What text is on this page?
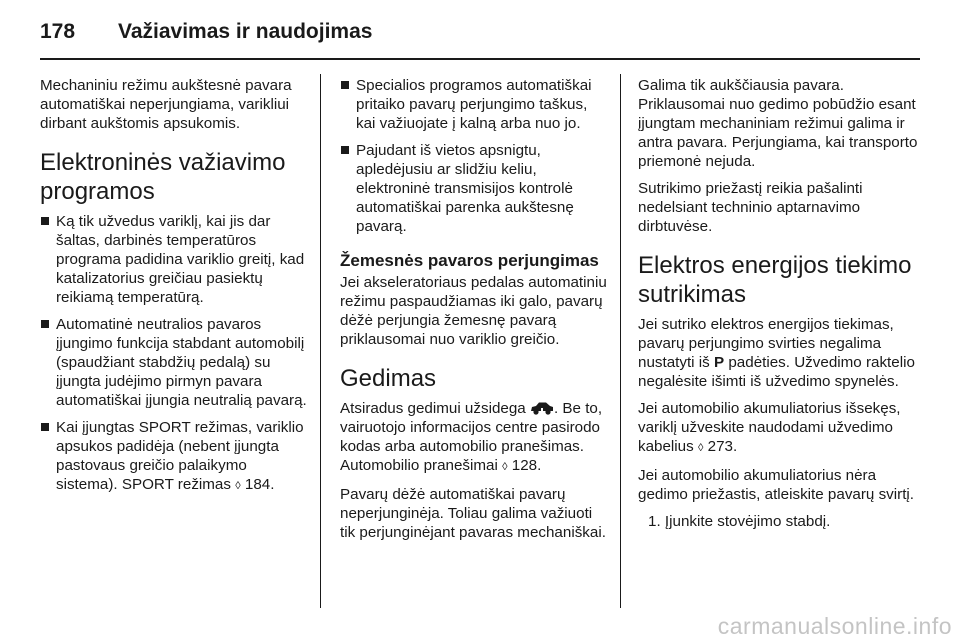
178 Važiavimas ir naudojimas

Mechaniniu režimu aukštesnė pavara automatiškai neperjungiama, varikliui dirbant aukštomis apsukomis.

Elektroninės važiavimo programos
Ką tik užvedus variklį, kai jis dar šaltas, darbinės temperatūros programa padidina variklio greitį, kad katalizatorius greičiau pasiektų reikiamą temperatūrą.
Automatinė neutralios pavaros įjungimo funkcija stabdant automobilį (spaudžiant stabdžių pedalą) su įjungta judėjimo pirmyn pavara automatiškai įjungia neutralią pavarą.
Kai įjungtas SPORT režimas, variklio apsukos padidėja (nebent įjungta pastovaus greičio palaikymo sistema). SPORT režimas ◊ 184.
Specialios programos automatiškai pritaiko pavarų perjungimo taškus, kai važiuojate į kalną arba nuo jo.
Pajudant iš vietos apsnigtu, apledėjusiu ar slidžiu keliu, elektroninė transmisijos kontrolė automatiškai parenka aukštesnę pavarą.
Žemesnės pavaros perjungimas

Jei akseleratoriaus pedalas automatiniu režimu paspaudžiamas iki galo, pavarų dėžė perjungia žemesnę pavarą priklausomai nuo variklio greičio.

Gedimas

Atsiradus gedimui užsidega . Be to, vairuotojo informacijos centre pasirodo kodas arba automobilio pranešimas. Automobilio pranešimai ◊ 128.

Pavarų dėžė automatiškai pavarų neperjunginėja. Toliau galima važiuoti tik perjunginėjant pavaras mechaniškai.

Galima tik aukščiausia pavara. Priklausomai nuo gedimo pobūdžio esant įjungtam mechaniniam režimui galima ir antra pavara. Perjungiama, kai transporto priemonė nejuda.

Sutrikimo priežastį reikia pašalinti nedelsiant techninio aptarnavimo dirbtuvėse.

Elektros energijos tiekimo sutrikimas

Jei sutriko elektros energijos tiekimas, pavarų perjungimo svirties negalima nustatyti iš P padėties. Užvedimo raktelio negalėsite išimti iš užvedimo spynelės.

Jei automobilio akumuliatorius išsekęs, variklį užveskite naudodami užvedimo kabelius ◊ 273.

Jei automobilio akumuliatorius nėra gedimo priežastis, atleiskite pavarų svirtį.

1. Įjunkite stovėjimo stabdį.

carmanualsonline.info
